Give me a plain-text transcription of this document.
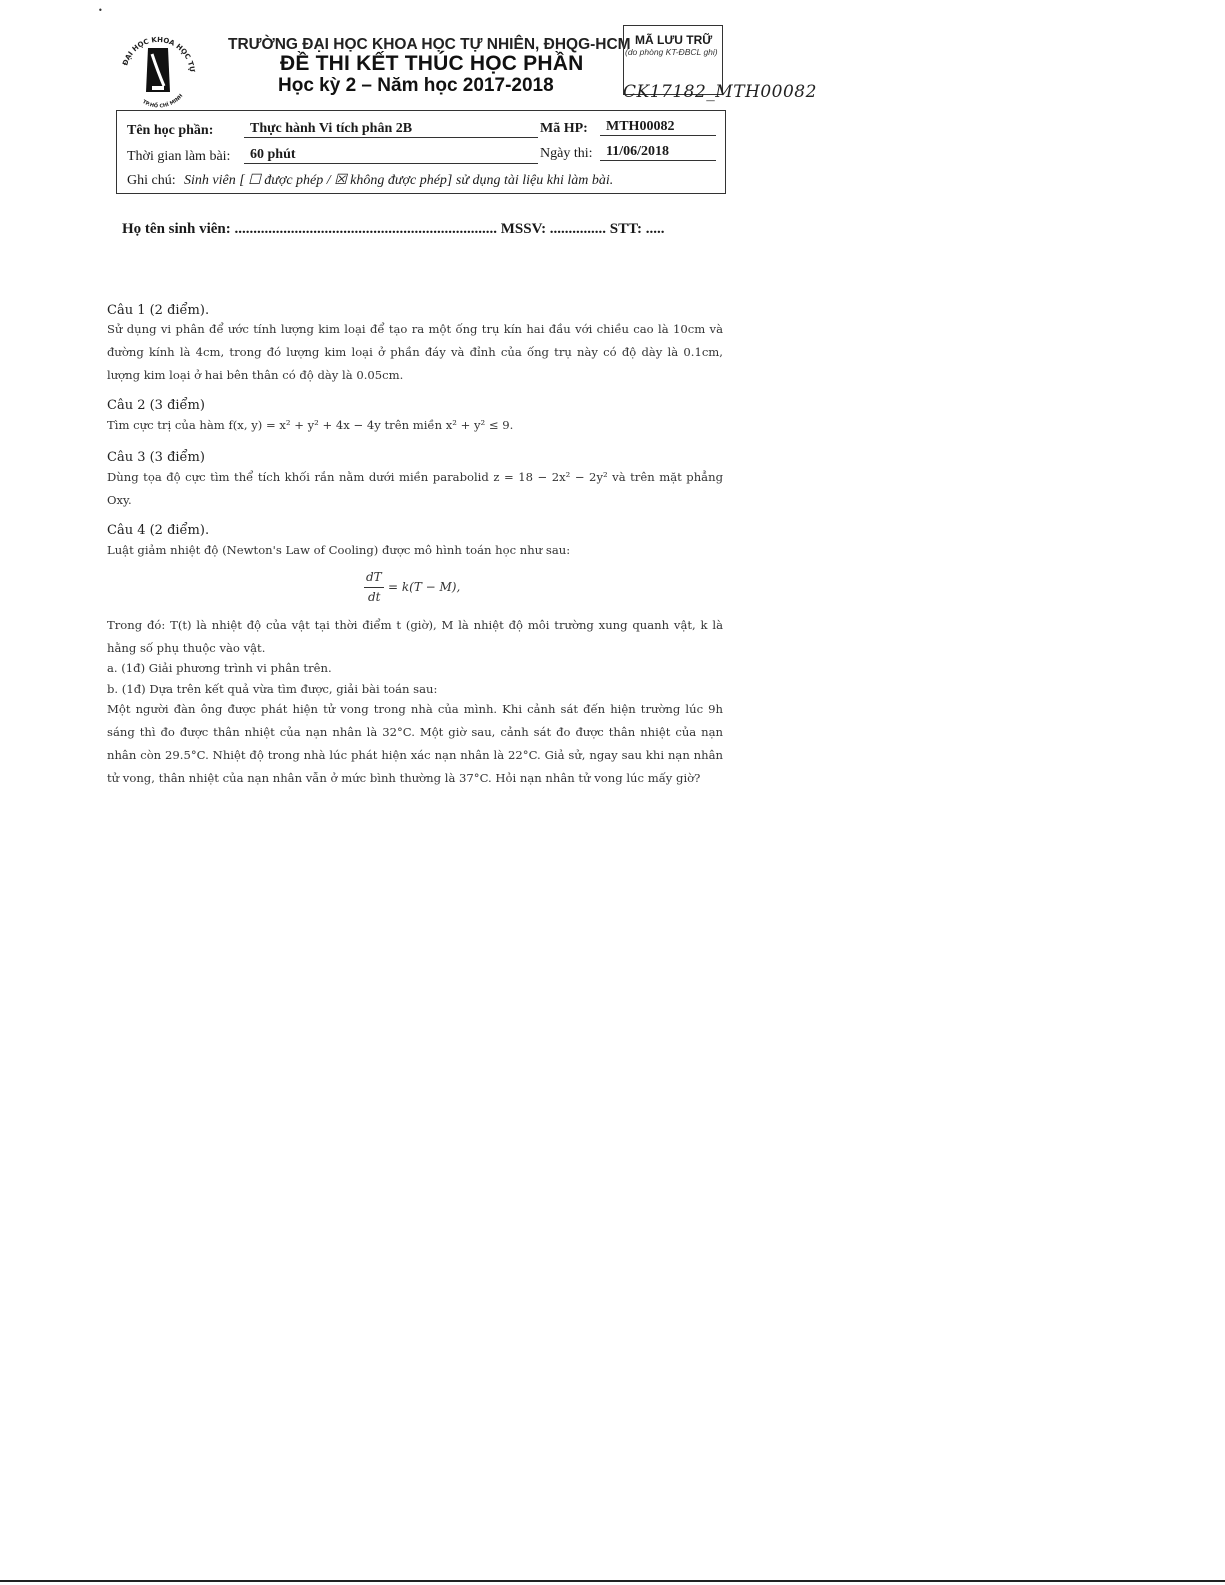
•
ĐẠI HỌC KHOA HỌC TỰ
TP.HỒ CHÍ MINH
TRƯỜNG ĐẠI HỌC KHOA HỌC TỰ NHIÊN, ĐHQG-HCM
ĐỀ THI KẾT THÚC HỌC PHẦN
Học kỳ 2 – Năm học 2017-2018
MÃ LƯU TRỮ
(do phòng KT-ĐBCL ghi)
CK17182_MTH00082
Tên học phần:	Thực hành Vi tích phân 2B	Mã HP:	MTH00082
Thời gian làm bài:	60 phút	Ngày thi: 11/06/2018
Ghi chú: Sinh viên [ ☐ được phép / ☒ không được phép] sử dụng tài liệu khi làm bài.
Họ tên sinh viên: ...................................................................... MSSV: ............... STT: .....
Câu 1 (2 điểm).
Sử dụng vi phân để ước tính lượng kim loại để tạo ra một ống trụ kín hai đầu với chiều cao là 10cm và đường kính là 4cm, trong đó lượng kim loại ở phần đáy và đỉnh của ống trụ này có độ dày là 0.1cm, lượng kim loại ở hai bên thân có độ dày là 0.05cm.
Câu 2 (3 điểm)
Tìm cực trị của hàm f(x, y) = x² + y² + 4x − 4y trên miền x² + y² ≤ 9.
Câu 3 (3 điểm)
Dùng tọa độ cực tìm thể tích khối rắn nằm dưới miền parabolid z = 18 − 2x² − 2y² và trên mặt phẳng Oxy.
Câu 4 (2 điểm).
Luật giảm nhiệt độ (Newton's Law of Cooling) được mô hình toán học như sau:
dT
dt
= k(T − M),
Trong đó: T(t) là nhiệt độ của vật tại thời điểm t (giờ), M là nhiệt độ môi trường xung quanh vật, k là hằng số phụ thuộc vào vật.
a. (1đ) Giải phương trình vi phân trên.
b. (1đ) Dựa trên kết quả vừa tìm được, giải bài toán sau:
Một người đàn ông được phát hiện tử vong trong nhà của mình. Khi cảnh sát đến hiện trường lúc 9h sáng thì đo được thân nhiệt của nạn nhân là 32°C. Một giờ sau, cảnh sát đo được thân nhiệt của nạn nhân còn 29.5°C. Nhiệt độ trong nhà lúc phát hiện xác nạn nhân là 22°C. Giả sử, ngay sau khi nạn nhân tử vong, thân nhiệt của nạn nhân vẫn ở mức bình thường là 37°C. Hỏi nạn nhân tử vong lúc mấy giờ?
